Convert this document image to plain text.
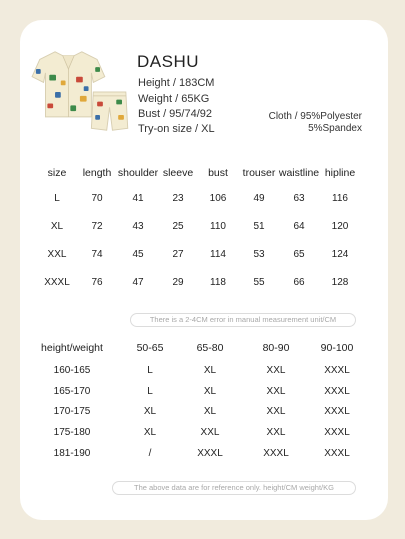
DASHU
Height / 183CM
Weight / 65KG
Bust / 95/74/92
Try-on size / XL
Cloth / 95%Polyester
5%Spandex
size length shoulder sleeve bust trouser waistline hipline
L	70	41	23	106	49	63	116
XL	72	43	25	110	51	64	120
XXL 74	45	27	114	53	65	124
XXXL 76	47	29	118	55	66	128
There is a 2-4CM error in manual measurement unit/CM
height/weight	50-65	65-80	80-90	90-100
160-165	L	XL	XXL	XXXL
165-170	L	XL	XXL	XXXL
170-175	XL	XL	XXL	XXXL
175-180	XL	XXL	XXL	XXXL
181-190	/	XXXL	XXXL	XXXL
The above data are for reference only. height/CM weight/KG
